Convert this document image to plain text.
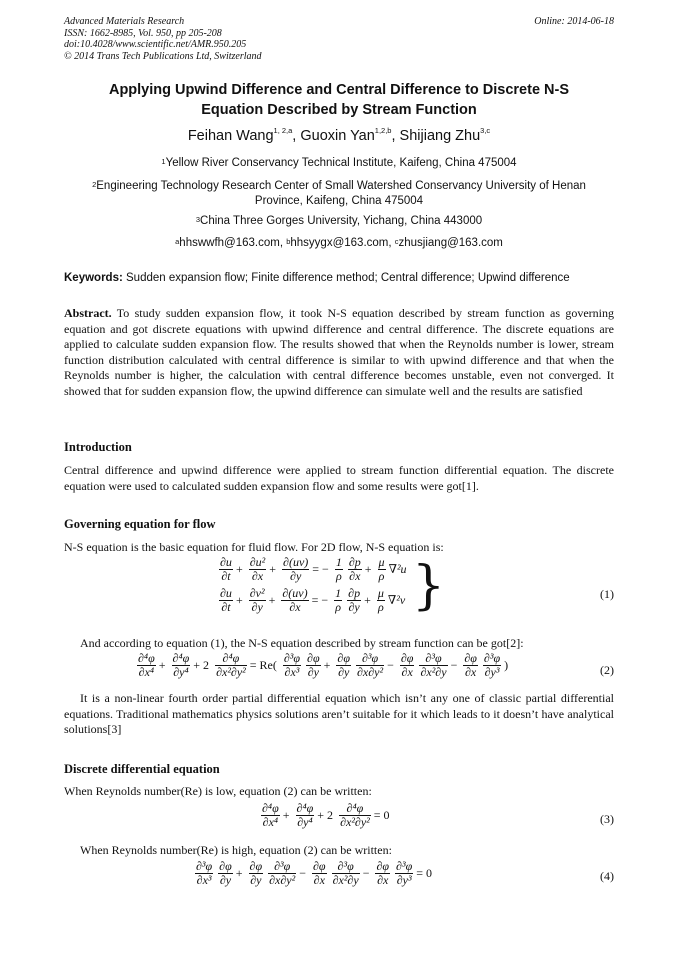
Advanced Materials Research
ISSN: 1662-8985, Vol. 950, pp 205-208
doi:10.4028/www.scientific.net/AMR.950.205
© 2014 Trans Tech Publications Ltd, Switzerland
Online: 2014-06-18
Applying Upwind Difference and Central Difference to Discrete N-S
Equation Described by Stream Function
Feihan Wang$^{1, 2,a}$, Guoxin Yan$^{1,2,b}$, Shijiang Zhu$^{3,c}$
$^1$Yellow River Conservancy Technical Institute, Kaifeng, China 475004
$^2$Engineering Technology Research Center of Small Watershed Conservancy University of Henan
Province, Kaifeng, China 475004
$^3$China Three Gorges University, Yichang, China 443000
$^a$hhswwfh@163.com, $^b$hhsyygx@163.com, $^c$zhusjiang@163.com
Keywords: Sudden expansion flow; Finite difference method; Central difference; Upwind difference
Abstract. To study sudden expansion flow, it took N-S equation described by stream function as governing equation and got discrete equations with upwind difference and central difference. The discrete equations are applied to calculate sudden expansion flow. The results showed that when the Reynolds number is lower, stream function distribution calculated with central difference is similar to with upwind difference and that when the Reynolds number is higher, the calculation with central difference becomes unstable, even not converged. It showed that for sudden expansion flow, the upwind difference can simulate well and the results are satisfied
Introduction
Central difference and upwind difference were applied to stream function differential equation. The discrete equation were used to calculated sudden expansion flow and some results were got[1].
Governing equation for flow
N-S equation is the basic equation for fluid flow. For 2D flow, N-S equation is:
$\frac{\partial u}{\partial t} + \frac{\text{∂u²}}{\partial x} + \frac{\partial(uv)}{\partial y}$ = − $\frac{1}{\rho}$
$\frac{\partial p}{\partial x} + \frac{\mu}{\rho} \nabla^2u$
$\frac{\partial u}{\partial t} + \frac{\text{∂v²}}{\partial y} + \frac{\partial(uv)}{\partial x}$ = − $\frac{1}{\rho}$
$\frac{\partial p}{\partial y} + \frac{\mu}{\rho} \nabla^2v$ }	(1)
And according to equation (1), the N-S equation described by stream function can be got[2]:
$\frac{\text{∂⁴φ}}{\text{∂x⁴}} + \frac{\text{∂⁴φ}}{\text{∂y⁴}} + 2 \frac{\text{∂⁴φ}}{\text{∂x²∂y²}} = Re( \frac{\text{∂³φ}}{\text{∂x³}}$
$\frac{\partial\varphi}{\partial y} + \frac{\partial\varphi}{\partial y}$
$\frac{\text{∂³φ}}{\text{∂x∂y²}} - \frac{\partial\varphi}{\partial x}$
$\frac{\text{∂³φ}}{\text{∂x²∂y}} - \frac{\partial\varphi}{\partial x}$
$\frac{\text{∂³φ}}{\text{∂y³}}$ )	(2)
It is a non-linear fourth order partial differential equation which isn’t any one of classic partial differential equations. Traditional mathematics physics solutions aren’t suitable for it which leads to it doesn’t have analytical solutions[3]
Discrete differential equation
When Reynolds number(Re) is low, equation (2) can be written:
$\frac{\text{∂⁴φ}}{\text{∂x⁴}} + \frac{\text{∂⁴φ}}{\text{∂y⁴}} + 2 \frac{\text{∂⁴φ}}{\text{∂x²∂y²}} = 0$	(3)
When Reynolds number(Re) is high, equation (2) can be written:
$\frac{\text{∂³φ}}{\text{∂x³}}$
$\frac{\partial\varphi}{\partial y} + \frac{\partial\varphi}{\partial y}$
$\frac{\text{∂³φ}}{\text{∂x∂y²}} - \frac{\partial\varphi}{\partial x}$
$\frac{\text{∂³φ}}{\text{∂x²∂y}} - \frac{\partial\varphi}{\partial x}$
$\frac{\text{∂³φ}}{\text{∂y³}} = 0$	(4)
